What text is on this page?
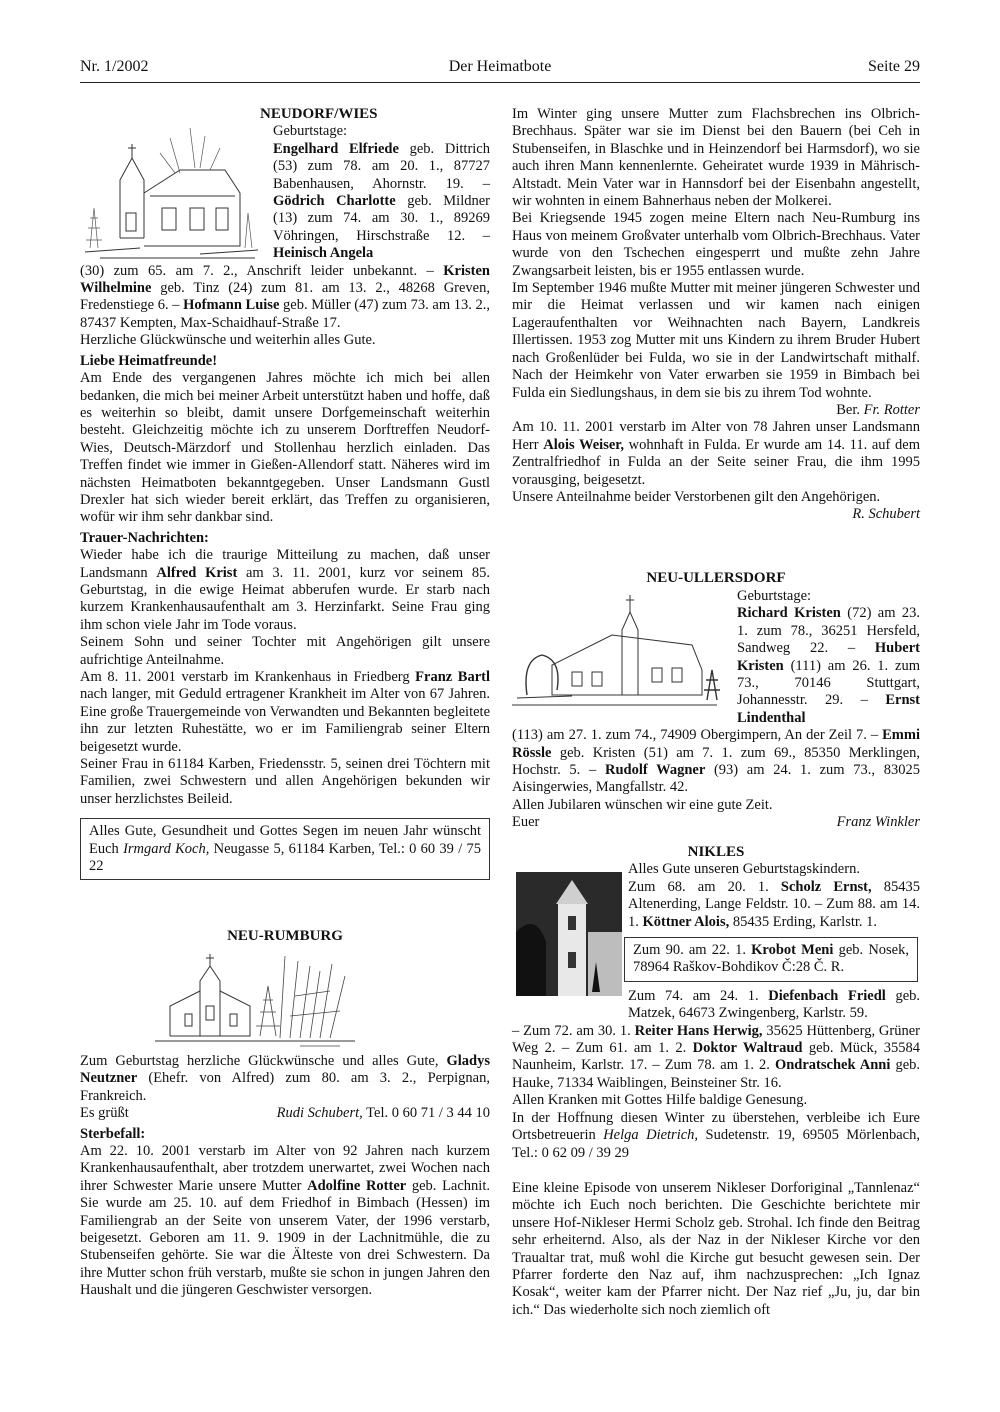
Nr. 1/2002	Der Heimatbote	Seite 29

NEUDORF/WIES

Geburtstage:

Engelhard Elfriede geb. Dittrich (53) zum 78. am 20. 1., 87727 Babenhausen, Ahornstr. 19. – Gödrich Charlotte geb. Mildner (13) zum 74. am 30. 1., 89269 Vöhringen, Hirschstraße 12. – Heinisch Angela

(30) zum 65. am 7. 2., Anschrift leider unbekannt. – Kristen Wilhelmine geb. Tinz (24) zum 81. am 13. 2., 48268 Greven, Fredenstiege 6. – Hofmann Luise geb. Müller (47) zum 73. am 13. 2., 87437 Kempten, Max-Schaidhauf-Straße 17.

Herzliche Glückwünsche und weiterhin alles Gute.

Liebe Heimatfreunde!

Am Ende des vergangenen Jahres möchte ich mich bei allen bedanken, die mich bei meiner Arbeit unterstützt haben und hoffe, daß es weiterhin so bleibt, damit unsere Dorfgemeinschaft weiterhin besteht. Gleichzeitig möchte ich zu unserem Dorftreffen Neudorf-Wies, Deutsch-Märzdorf und Stollenhau herzlich einladen. Das Treffen findet wie immer in Gießen-Allendorf statt. Näheres wird im nächsten Heimatboten bekanntgegeben. Unser Landsmann Gustl Drexler hat sich wieder bereit erklärt, das Treffen zu organisieren, wofür wir ihm sehr dankbar sind.

Trauer-Nachrichten:

Wieder habe ich die traurige Mitteilung zu machen, daß unser Landsmann Alfred Krist am 3. 11. 2001, kurz vor seinem 85. Geburtstag, in die ewige Heimat abberufen wurde. Er starb nach kurzem Krankenhausaufenthalt am 3. Herzinfarkt. Seine Frau ging ihm schon viele Jahr im Tode voraus.

Seinem Sohn und seiner Tochter mit Angehörigen gilt unsere aufrichtige Anteilnahme.

Am 8. 11. 2001 verstarb im Krankenhaus in Friedberg Franz Bartl nach langer, mit Geduld ertragener Krankheit im Alter von 67 Jahren. Eine große Trauergemeinde von Verwandten und Bekannten begleitete ihn zur letzten Ruhestätte, wo er im Familiengrab seiner Eltern beigesetzt wurde.

Seiner Frau in 61184 Karben, Friedensstr. 5, seinen drei Töchtern mit Familien, zwei Schwestern und allen Angehörigen bekunden wir unser herzlichstes Beileid.

Alles Gute, Gesundheit und Gottes Segen im neuen Jahr wünscht Euch Irmgard Koch, Neugasse 5, 61184 Karben, Tel.: 0 60 39 / 75 22

NEU-RUMBURG

Zum Geburtstag herzliche Glückwünsche und alles Gute, Gladys Neutzner (Ehefr. von Alfred) zum 80. am 3. 2., Perpignan, Frankreich.

Es grüßt	Rudi Schubert, Tel. 0 60 71 / 3 44 10

Sterbefall:

Am 22. 10. 2001 verstarb im Alter von 92 Jahren nach kurzem Krankenhausaufenthalt, aber trotzdem unerwartet, zwei Wochen nach ihrer Schwester Marie unsere Mutter Adolfine Rotter geb. Lachnit. Sie wurde am 25. 10. auf dem Friedhof in Bimbach (Hessen) im Familiengrab an der Seite von unserem Vater, der 1996 verstarb, beigesetzt. Geboren am 11. 9. 1909 in der Lachnitmühle, die zu Stubenseifen gehörte. Sie war die Älteste von drei Schwestern. Da ihre Mutter schon früh verstarb, mußte sie schon in jungen Jahren den Haushalt und die jüngeren Geschwister versorgen.

Im Winter ging unsere Mutter zum Flachsbrechen ins Olbrich-Brechhaus. Später war sie im Dienst bei den Bauern (bei Ceh in Stubenseifen, in Blaschke und in Heinzendorf bei Harmsdorf), wo sie auch ihren Mann kennenlernte. Geheiratet wurde 1939 in Mährisch-Altstadt. Mein Vater war in Hannsdorf bei der Eisenbahn angestellt, wir wohnten in einem Bahnerhaus neben der Molkerei.

Bei Kriegsende 1945 zogen meine Eltern nach Neu-Rumburg ins Haus von meinem Großvater unterhalb vom Olbrich-Brechhaus. Vater wurde von den Tschechen eingesperrt und mußte zehn Jahre Zwangsarbeit leisten, bis er 1955 entlassen wurde.

Im September 1946 mußte Mutter mit meiner jüngeren Schwester und mir die Heimat verlassen und wir kamen nach einigen Lageraufenthalten vor Weihnachten nach Bayern, Landkreis Illertissen. 1953 zog Mutter mit uns Kindern zu ihrem Bruder Hubert nach Großenlüder bei Fulda, wo sie in der Landwirtschaft mithalf. Nach der Heimkehr von Vater erwarben sie 1959 in Bimbach bei Fulda ein Siedlungshaus, in dem sie bis zu ihrem Tod wohnte.

Ber. Fr. Rotter

Am 10. 11. 2001 verstarb im Alter von 78 Jahren unser Landsmann Herr Alois Weiser, wohnhaft in Fulda. Er wurde am 14. 11. auf dem Zentralfriedhof in Fulda an der Seite seiner Frau, die ihm 1995 vorausging, beigesetzt.

Unsere Anteilnahme beider Verstorbenen gilt den Angehörigen.

R. Schubert

NEU-ULLERSDORF

Geburtstage:

Richard Kristen (72) am 23. 1. zum 78., 36251 Hersfeld, Sandweg 22. – Hubert Kristen (111) am 26. 1. zum 73., 70146 Stuttgart, Johannesstr. 29. – Ernst Lindenthal

(113) am 27. 1. zum 74., 74909 Obergimpern, An der Zeil 7. – Emmi Rössle geb. Kristen (51) am 7. 1. zum 69., 85350 Merklingen, Hochstr. 5. – Rudolf Wagner (93) am 24. 1. zum 73., 83025 Aisingerwies, Mangfallstr. 42.

Allen Jubilaren wünschen wir eine gute Zeit.

Euer	Franz Winkler

NIKLES

Alles Gute unseren Geburtstagskindern.

Zum 68. am 20. 1. Scholz Ernst, 85435 Altenerding, Lange Feldstr. 10. – Zum 88. am 14. 1. Köttner Alois, 85435 Erding, Karlstr. 1.

Zum 90. am 22. 1. Krobot Meni geb. Nosek, 78964 Raškov-Bohdikov Č:28 Č. R.

Zum 74. am 24. 1. Diefenbach Friedl geb. Matzek, 64673 Zwingenberg, Karlstr. 59.

– Zum 72. am 30. 1. Reiter Hans Herwig, 35625 Hüttenberg, Grüner Weg 2. – Zum 61. am 1. 2. Doktor Waltraud geb. Mück, 35584 Naunheim, Karlstr. 17. – Zum 78. am 1. 2. Ondratschek Anni geb. Hauke, 71334 Waiblingen, Beinsteiner Str. 16.

Allen Kranken mit Gottes Hilfe baldige Genesung.

In der Hoffnung diesen Winter zu überstehen, verbleibe ich Eure Ortsbetreuerin Helga Dietrich, Sudetenstr. 19, 69505 Mörlenbach, Tel.: 0 62 09 / 39 29

Eine kleine Episode von unserem Nikleser Dorforiginal „Tannlenaz“ möchte ich Euch noch berichten. Die Geschichte berichtete mir unsere Hof-Nikleser Hermi Scholz geb. Strohal. Ich finde den Beitrag sehr erheiternd. Also, als der Naz in der Nikleser Kirche vor den Traualtar trat, muß wohl die Kirche gut besucht gewesen sein. Der Pfarrer forderte den Naz auf, ihm nachzusprechen: „Ich Ignaz Kosak“, weiter kam der Pfarrer nicht. Der Naz rief „Ju, ju, dar bin ich.“ Das wiederholte sich noch ziemlich oft
